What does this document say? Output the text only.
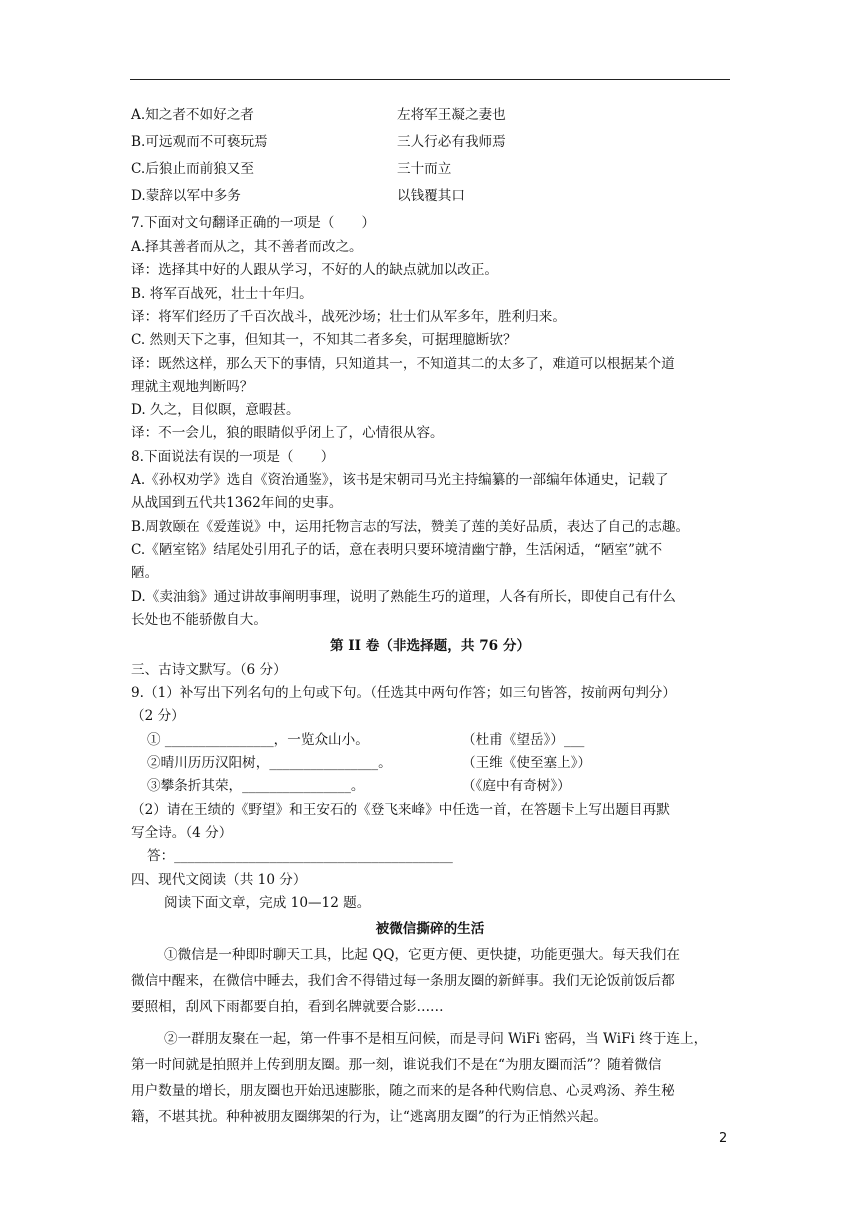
A.知之者不如好之者	左将军王凝之妻也
B.可远观而不可亵玩焉	三人行必有我师焉
C.后狼止而前狼又至	三十而立
D.蒙辞以军中多务	以钱覆其口
7.下面对文句翻译正确的一项是（　　）
A.择其善者而从之，其不善者而改之。
译：选择其中好的人跟从学习，不好的人的缺点就加以改正。
B. 将军百战死，壮士十年归。
译：将军们经历了千百次战斗，战死沙场；壮士们从军多年，胜利归来。
C. 然则天下之事，但知其一，不知其二者多矣，可据理臆断欤？
译：既然这样，那么天下的事情，只知道其一，不知道其二的太多了，难道可以根据某个道
理就主观地判断吗？
D. 久之，目似瞑，意暇甚。
译：不一会儿，狼的眼睛似乎闭上了，心情很从容。
8.下面说法有误的一项是（　　）
A.《孙权劝学》选自《资治通鉴》，该书是宋朝司马光主持编纂的一部编年体通史，记载了
从战国到五代共1362年间的史事。
B.周敦颐在《爱莲说》中，运用托物言志的写法，赞美了莲的美好品质，表达了自己的志趣。
C.《陋室铭》结尾处引用孔子的话，意在表明只要环境清幽宁静，生活闲适，“陋室”就不
陋。
D.《卖油翁》通过讲故事阐明事理，说明了熟能生巧的道理，人各有所长，即使自己有什么
长处也不能骄傲自大。
第 II 卷（非选择题，共 76 分）
三、古诗文默写。（6 分）
9.（1）补写出下列名句的上句或下句。（任选其中两句作答；如三句皆答，按前两句判分）
（2 分）
① ________________，一览众山小。	（杜甫《望岳》）___
②晴川历历汉阳树，________________。	（王维《使至塞上》）
③攀条折其荣，________________。	（《庭中有奇树》）
（2）请在王绩的《野望》和王安石的《登飞来峰》中任选一首，在答题卡上写出题目再默
写全诗。（4 分）
答：_________________________________________
四、现代文阅读（共 10 分）
阅读下面文章，完成 10—12 题。
被微信撕碎的生活
①微信是一种即时聊天工具，比起 QQ，它更方便、更快捷，功能更强大。每天我们在
微信中醒来，在微信中睡去，我们舍不得错过每一条朋友圈的新鲜事。我们无论饭前饭后都
要照相，刮风下雨都要自拍，看到名牌就要合影……
②一群朋友聚在一起，第一件事不是相互问候，而是寻问 WiFi 密码，当 WiFi 终于连上，
第一时间就是拍照并上传到朋友圈。那一刻，谁说我们不是在“为朋友圈而活”？随着微信
用户数量的增长，朋友圈也开始迅速膨胀，随之而来的是各种代购信息、心灵鸡汤、养生秘
籍，不堪其扰。种种被朋友圈绑架的行为，让“逃离朋友圈”的行为正悄然兴起。
2
